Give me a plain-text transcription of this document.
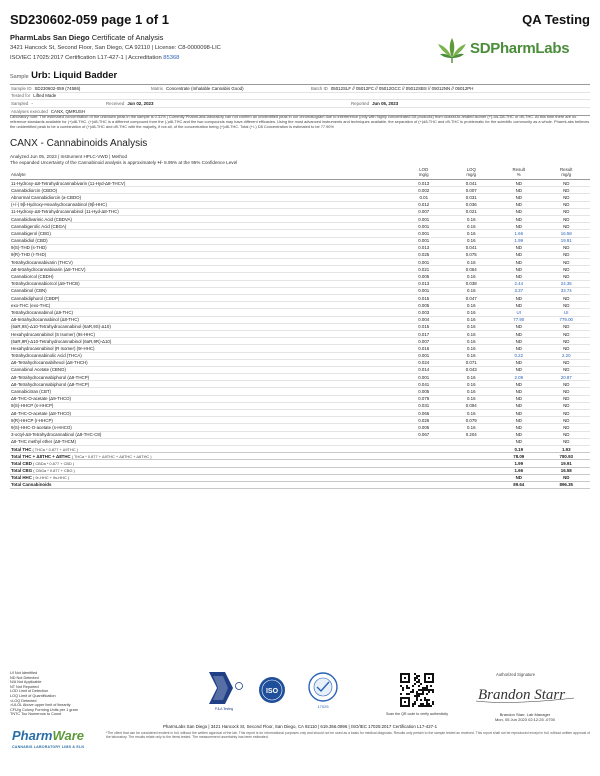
SD230602-059 page 1 of 1	QA Testing
PharmLabs San Diego Certificate of Analysis
3421 Hancock St, Second Floor, San Diego, CA 92110 | License: C8-0000098-LIC
ISO/IEC 17025:2017 Certification L17-427-1 | Accreditation 85368
SDPharmLabs
Sample Urb: Liquid Badder
Sample ID SD230602-059 (74586)	Matrix Concentrate (Inhalable Cannabis Good)	Batch ID 05012SLF // 05012FC // 05012GCC // 05012SBS // 05012NN // 05012PH
Tested for Lifted Made
Sampled -	Received Jun 02, 2023	Reported Jun 05, 2023
Analyses executed CANX, QMRUSH
Laboratory note: The estimated concentration of the unknown peak in the sample is 0.31% | Currently PharmLabs laboratory can not confirm an unidentified peak in our chromatogram due to interference (only with highly concentrated D8 products) from closest-to-related isomer (+)-cis-D8-THC or d9-THC. At this time there are no reference standards available for (+)d8-THC. (+)d8-THC is a different compound from the (-)d8-THC and the two compounds may have different efficacies. Using the most advanced instruments and techniques available, the separation of (+)d8-THC and d9-THC is problematic for the scientific community as a whole. PharmLabs believes the unidentified peak to be a combination of (+)d8-THC and d9-THC with the majority, if not all, of the concentration being (+)d8-THC. Total (+/-) D8 Concentration is estimated to be 77.90%
CANX - Cannabinoids Analysis
Analyzed Jun 05, 2023 | Instrument HPLC-VWD | Method
The expanded Uncertainty of the Cannabinoid analysis is approximately +/- 8.95% at the 95% Confidence Level
Analyte
LOD
mg/g
LOQ
mg/g
Result
%
Result
mg/g
11-Hydroxy-Δ8-Tetrahydrocannabivarin (11-Hyd-Δ8-THCV)	0.013	0.041	ND	ND
Cannabidiorcin (CBDO)	0.002	0.007	ND	ND
Abnormal Cannabidiorcin (a-CBDO)	0.01	0.031	ND	ND
(+/-) 9β-Hydroxy-Hexahydrocannabinol (9β-HHC)	0.012	0.036	ND	ND
11-Hydroxy-Δ8-Tetrahydrocannabinol (11-Hyd-Δ8-THC)	0.007	0.021	ND	ND
Cannabidivarinic Acid (CBDVA)	0.001	0.16	ND	ND
Cannabigerolic Acid (CBGA)	0.001	0.16	ND	ND
Cannabigerol (CBG)	0.001	0.16	1.66	16.58
Cannabidiol (CBD)	0.001	0.16	1.99	19.91
9(S)-THD (s-THD)	0.013	0.041	ND	ND
9(R)-THD (r-THD)	0.025	0.075	ND	ND
Tetrahydrocannabivarin (THCV)	0.001	0.16	ND	ND
Δ8-tetrahydrocannabivarin (Δ8-THCV)	0.021	0.064	ND	ND
Cannabiorcol (CBDH)	0.005	0.16	ND	ND
Tetrahydrocannabiorcol (Δ9-THCB)	0.013	0.038	2.44	24.35
Cannabinol (CBN)	0.001	0.16	3.37	33.74
Cannabidiphorol (CBDP)	0.015	0.047	ND	ND
exo-THC (exo-THC)	0.005	0.16	ND	ND
Tetrahydrocannabinol (Δ9-THC)	0.003	0.16	UI	UI
Δ8-tetrahydrocannabinol (Δ8-THC)	0.004	0.16	77.90	779.00
(6aR,9S)-Δ10-Tetrahydrocannabinol (6aR,9S)-Δ10)	0.015	0.16	ND	ND
Hexahydrocannabinol (S Isomer) (9s-HHC)	0.017	0.16	ND	ND
(6aR,9R)-Δ10-Tetrahydrocannabinol (6aR,9R)-Δ10)	0.007	0.16	ND	ND
Hexahydrocannabinol (R Isomer) (9r-HHC)	0.016	0.16	ND	ND
Tetrahydrocannabinolic Acid (THCA)	0.001	0.16	0.22	2.20
Δ8-Tetrahydrocannabihexol (Δ8-THCH)	0.024	0.071	ND	ND
Cannabinol Acetate (CBNO)	0.014	0.043	ND	ND
Δ9-Tetrahydrocannabiphorol (Δ9-THCP)	0.001	0.16	2.09	20.87
Δ8-Tetrahydrocannabiphorol (Δ8-THCP)	0.041	0.16	ND	ND
Cannabicitran (CBT)	0.005	0.16	ND	ND
Δ9-THC-O-acetate (Δ9-THCO)	0.076	0.16	ND	ND
9(S)-HHCP (s-HHCP)	0.031	0.094	ND	ND
Δ8-THC-O-acetate (Δ8-THCO)	0.066	0.16	ND	ND
9(R)-HHCP (r-HHCP)	0.026	0.079	ND	ND
9(S)-HHC-O-acetate (s-HHCO)	0.005	0.16	ND	ND
3-octyl-Δ8-Tetrahydrocannabinol (Δ8-THC-C8)	0.067	0.204	ND	ND
Δ9-THC methyl ether (Δ9-THCM)	ND	ND
Total THC ( THCa * 0.877 + Δ9THC )	0.19	1.93
Total THC + Δ8THC + Δ8THC ( THCa * 0.877 + Δ9THC + Δ8THC + Δ8THC )	78.09	780.93
Total CBD ( CBDa * 0.877 + CBD )	1.99	19.91
Total CBG ( CBGa * 0.877 + CBG )	1.66	16.58
Total HHC ( 9r-HHC + 9s-HHC )	ND	ND
Total Cannabinoids	89.64	896.35
UI Not Identified
ND Not Detected
N/A Not Applicable
NT Not Reported
LOD Limit of Detection
LOQ Limit of Quantification
<LOQ Detected
>ULOL Above upper limit of linearity
CFU/g Colony Forming Units per 1 gram
TNTC Too Numerous to Count
PharmWare
CANNABIS LABORATORY LIMS & ELN
PJLA Testing
ISO
17025
Scan the QR code to verify authenticity
Authorized Signature
Brandon Starr
Brandon Starr, Lab Manager
Mon, 05 Jun 2023 02:12:25 -0700
PharmLabs San Diego | 3421 Hancock St, Second Floor, San Diego, CA 92110 | 619.356.0896 | ISO/IEC 17025:2017 Certification L17-427-1
*The client that can be considered evident in full, without the written approval of the lab. This report is for informational purposes only and should not be used as a basis for medical diagnosis. Results only pertain to the sample tested as received. This report shall not be reproduced except in full, without written approval of the laboratory. The results relate only to the items tested. The measurement uncertainty has been estimated.
